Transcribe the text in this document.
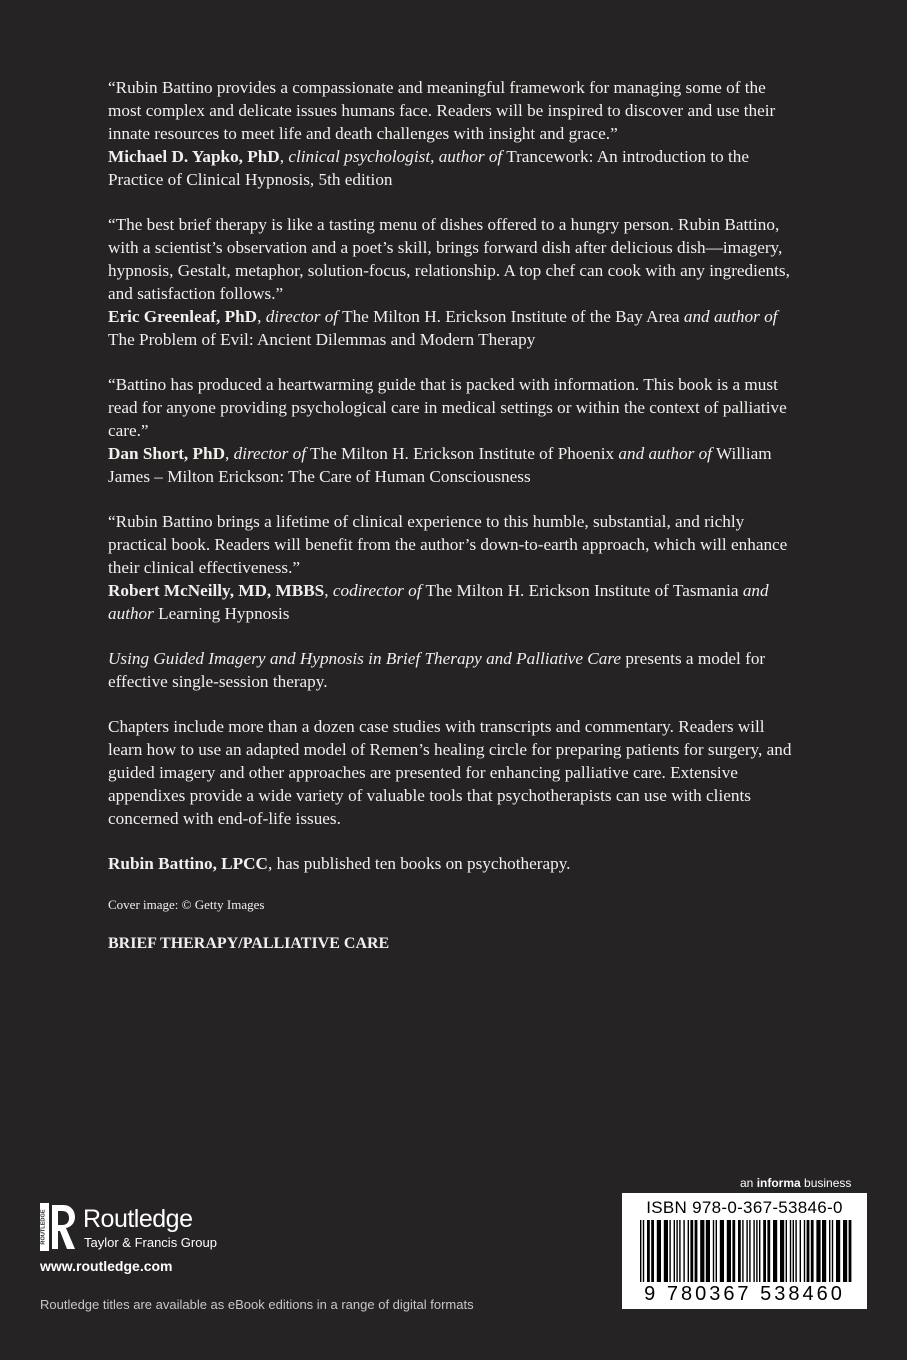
“Rubin Battino provides a compassionate and meaningful framework for managing some of the most complex and delicate issues humans face. Readers will be inspired to discover and use their innate resources to meet life and death challenges with insight and grace.”

Michael D. Yapko, PhD, clinical psychologist, author of Trancework: An introduction to the Practice of Clinical Hypnosis, 5th edition

“The best brief therapy is like a tasting menu of dishes offered to a hungry person. Rubin Battino, with a scientist’s observation and a poet’s skill, brings forward dish after delicious dish—imagery, hypnosis, Gestalt, metaphor, solution-focus, relationship. A top chef can cook with any ingredients, and satisfaction follows.”

Eric Greenleaf, PhD, director of The Milton H. Erickson Institute of the Bay Area and author of The Problem of Evil: Ancient Dilemmas and Modern Therapy

“Battino has produced a heartwarming guide that is packed with information. This book is a must read for anyone providing psychological care in medical settings or within the context of palliative care.”

Dan Short, PhD, director of The Milton H. Erickson Institute of Phoenix and author of William James – Milton Erickson: The Care of Human Consciousness

“Rubin Battino brings a lifetime of clinical experience to this humble, substantial, and richly practical book. Readers will benefit from the author’s down-to-earth approach, which will enhance their clinical effectiveness.”

Robert McNeilly, MD, MBBS, codirector of The Milton H. Erickson Institute of Tasmania and author Learning Hypnosis

Using Guided Imagery and Hypnosis in Brief Therapy and Palliative Care presents a model for effective single-session therapy.

Chapters include more than a dozen case studies with transcripts and commentary. Readers will learn how to use an adapted model of Remen’s healing circle for preparing patients for surgery, and guided imagery and other approaches are presented for enhancing palliative care. Extensive appendixes provide a wide variety of valuable tools that psychotherapists can use with clients concerned with end-of-life issues.

Rubin Battino, LPCC, has published ten books on psychotherapy.

Cover image: © Getty Images

BRIEF THERAPY/PALLIATIVE CARE

ROUTLEDGE Routledge
Taylor & Francis Group
www.routledge.com
Routledge titles are available as eBook editions in a range of digital formats
an informa business
ISBN 978-0-367-53846-0
9 780367 538460
